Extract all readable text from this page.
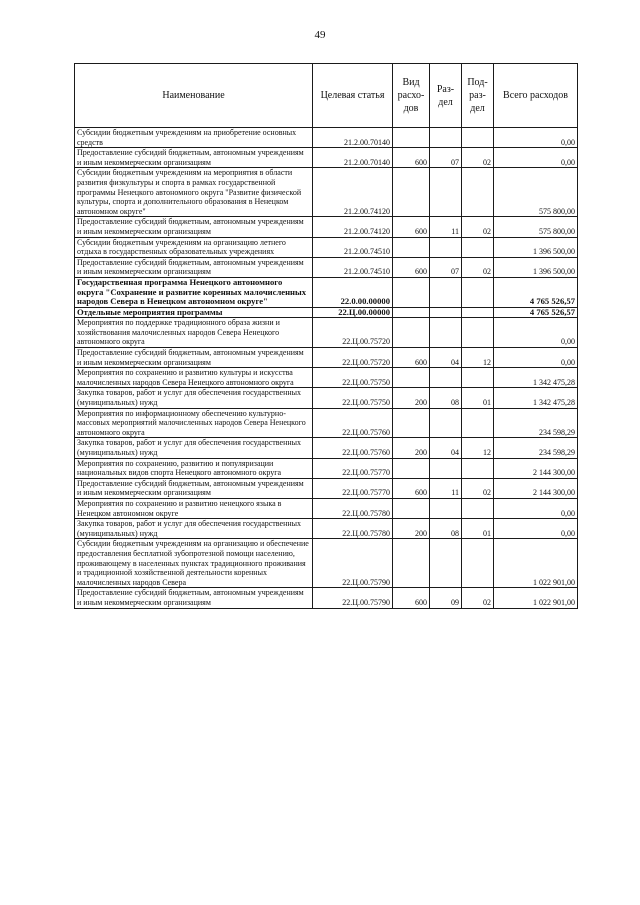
49
Наименование	Целевая статья	Вид расхо-дов	Раз-дел	Под-раз-дел	Всего расходов
Субсидии бюджетным учреждениям на приобретение основных средств	21.2.00.70140				0,00
Предоставление субсидий бюджетным, автономным учреждениям и иным некоммерческим организациям	21.2.00.70140	600	07	02	0,00
Субсидии бюджетным учреждениям на мероприятия в области развития физкультуры и спорта в рамках государственной программы Ненецкого автономного округа "Развитие физической культуры, спорта и дополнительного образования в Ненецком автономном округе"	21.2.00.74120				575 800,00
Предоставление субсидий бюджетным, автономным учреждениям и иным некоммерческим организациям	21.2.00.74120	600	11	02	575 800,00
Субсидии бюджетным учреждениям на организацию летнего отдыха в государственных образовательных учреждениях	21.2.00.74510				1 396 500,00
Предоставление субсидий бюджетным, автономным учреждениям и иным некоммерческим организациям	21.2.00.74510	600	07	02	1 396 500,00
Государственная программа Ненецкого автономного округа "Сохранение и развитие коренных малочисленных народов Севера в Ненецком автономном округе"	22.0.00.00000				4 765 526,57
Отдельные мероприятия программы	22.Ц.00.00000				4 765 526,57
Мероприятия по поддержке традиционного образа жизни и хозяйствования малочисленных народов Севера Ненецкого автономного округа	22.Ц.00.75720				0,00
Предоставление субсидий бюджетным, автономным учреждениям и иным некоммерческим организациям	22.Ц.00.75720	600	04	12	0,00
Мероприятия по сохранению и развитию культуры и искусства малочисленных народов Севера Ненецкого автономного округа	22.Ц.00.75750				1 342 475,28
Закупка товаров, работ и услуг для обеспечения государственных (муниципальных) нужд	22.Ц.00.75750	200	08	01	1 342 475,28
Мероприятия по информационному обеспечению культурно-массовых мероприятий малочисленных народов Севера Ненецкого автономного округа	22.Ц.00.75760				234 598,29
Закупка товаров, работ и услуг для обеспечения государственных (муниципальных) нужд	22.Ц.00.75760	200	04	12	234 598,29
Мероприятия по сохранению, развитию и популяризации национальных видов спорта Ненецкого автономного округа	22.Ц.00.75770				2 144 300,00
Предоставление субсидий бюджетным, автономным учреждениям и иным некоммерческим организациям	22.Ц.00.75770	600	11	02	2 144 300,00
Мероприятия по сохранению и развитию ненецкого языка в Ненецком автономном округе	22.Ц.00.75780				0,00
Закупка товаров, работ и услуг для обеспечения государственных (муниципальных) нужд	22.Ц.00.75780	200	08	01	0,00
Субсидии бюджетным учреждениям на организацию и обеспечение предоставления бесплатной зубопротезной помощи населению, проживающему в населенных пунктах традиционного проживания и традиционной хозяйственной деятельности коренных малочисленных народов Севера	22.Ц.00.75790				1 022 901,00
Предоставление субсидий бюджетным, автономным учреждениям и иным некоммерческим организациям	22.Ц.00.75790	600	09	02	1 022 901,00
